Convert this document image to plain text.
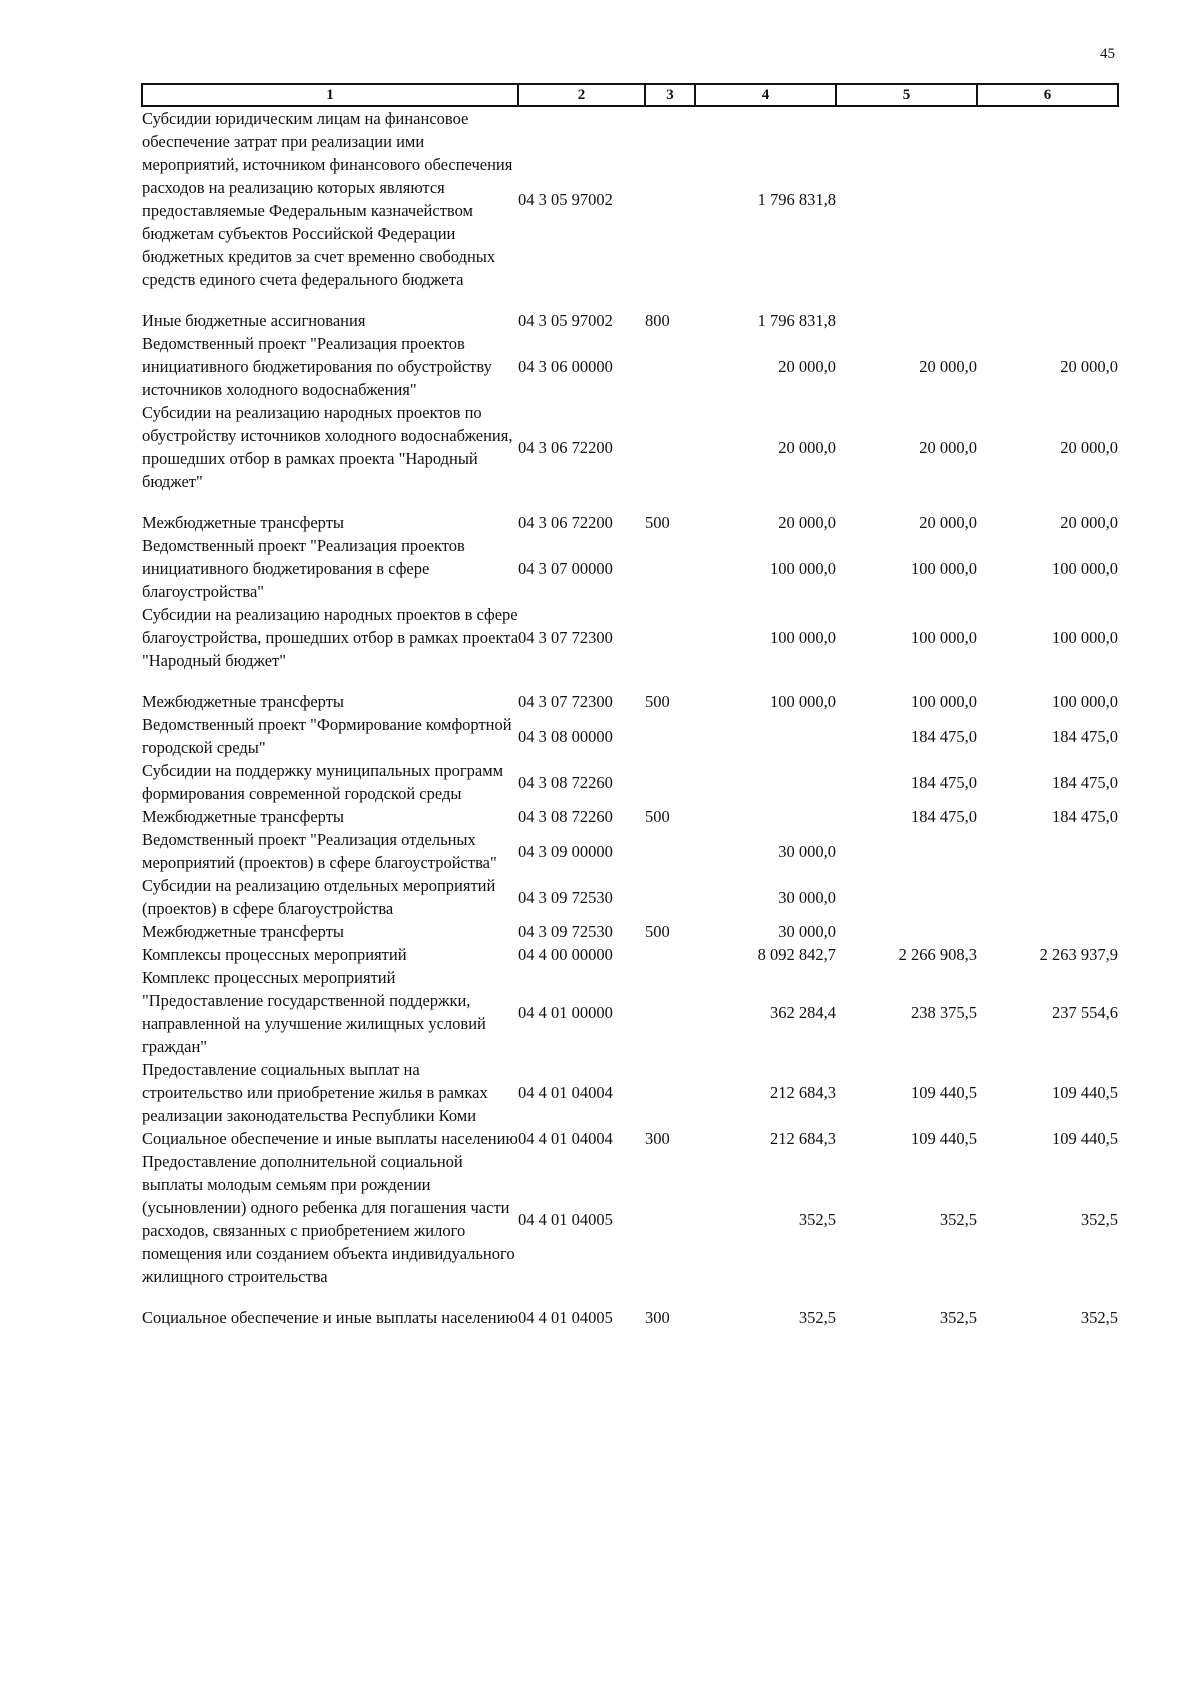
45
1	2	3	4	5	6
Субсидии юридическим лицам на финансовое обеспечение затрат при реализации ими мероприятий, источником финансового обеспечения расходов на реализацию которых являются предоставляемые Федеральным казначейством бюджетам субъектов Российской Федерации бюджетных кредитов за счет временно свободных средств единого счета федерального бюджета	04 3 05 97002		1 796 831,8		

Иные бюджетные ассигнования	04 3 05 97002	800	1 796 831,8		
Ведомственный проект "Реализация проектов инициативного бюджетирования по обустройству источников холодного водоснабжения"	04 3 06 00000		20 000,0	20 000,0	20 000,0
Субсидии на реализацию народных проектов по обустройству источников холодного водоснабжения, прошедших отбор в рамках проекта "Народный бюджет"	04 3 06 72200		20 000,0	20 000,0	20 000,0

Межбюджетные трансферты	04 3 06 72200	500	20 000,0	20 000,0	20 000,0
Ведомственный проект "Реализация проектов инициативного бюджетирования в сфере благоустройства"	04 3 07 00000		100 000,0	100 000,0	100 000,0
Субсидии на реализацию народных проектов в сфере благоустройства, прошедших отбор в рамках проекта "Народный бюджет"	04 3 07 72300		100 000,0	100 000,0	100 000,0

Межбюджетные трансферты	04 3 07 72300	500	100 000,0	100 000,0	100 000,0
Ведомственный проект "Формирование комфортной городской среды"	04 3 08 00000			184 475,0	184 475,0
Субсидии на поддержку муниципальных программ формирования современной городской среды	04 3 08 72260			184 475,0	184 475,0
Межбюджетные трансферты	04 3 08 72260	500		184 475,0	184 475,0
Ведомственный проект "Реализация отдельных мероприятий (проектов) в сфере благоустройства"	04 3 09 00000		30 000,0		
Субсидии на реализацию отдельных мероприятий (проектов) в сфере благоустройства	04 3 09 72530		30 000,0		
Межбюджетные трансферты	04 3 09 72530	500	30 000,0		
Комплексы процессных мероприятий	04 4 00 00000		8 092 842,7	2 266 908,3	2 263 937,9
Комплекс процессных мероприятий "Предоставление государственной поддержки, направленной на улучшение жилищных условий граждан"	04 4 01 00000		362 284,4	238 375,5	237 554,6
Предоставление социальных выплат на строительство или приобретение жилья в рамках реализации законодательства Республики Коми	04 4 01 04004		212 684,3	109 440,5	109 440,5
Социальное обеспечение и иные выплаты населению	04 4 01 04004	300	212 684,3	109 440,5	109 440,5
Предоставление дополнительной социальной выплаты молодым семьям при рождении (усыновлении) одного ребенка для погашения части расходов, связанных с приобретением жилого помещения или созданием объекта индивидуального жилищного строительства	04 4 01 04005		352,5	352,5	352,5

Социальное обеспечение и иные выплаты населению	04 4 01 04005	300	352,5	352,5	352,5
